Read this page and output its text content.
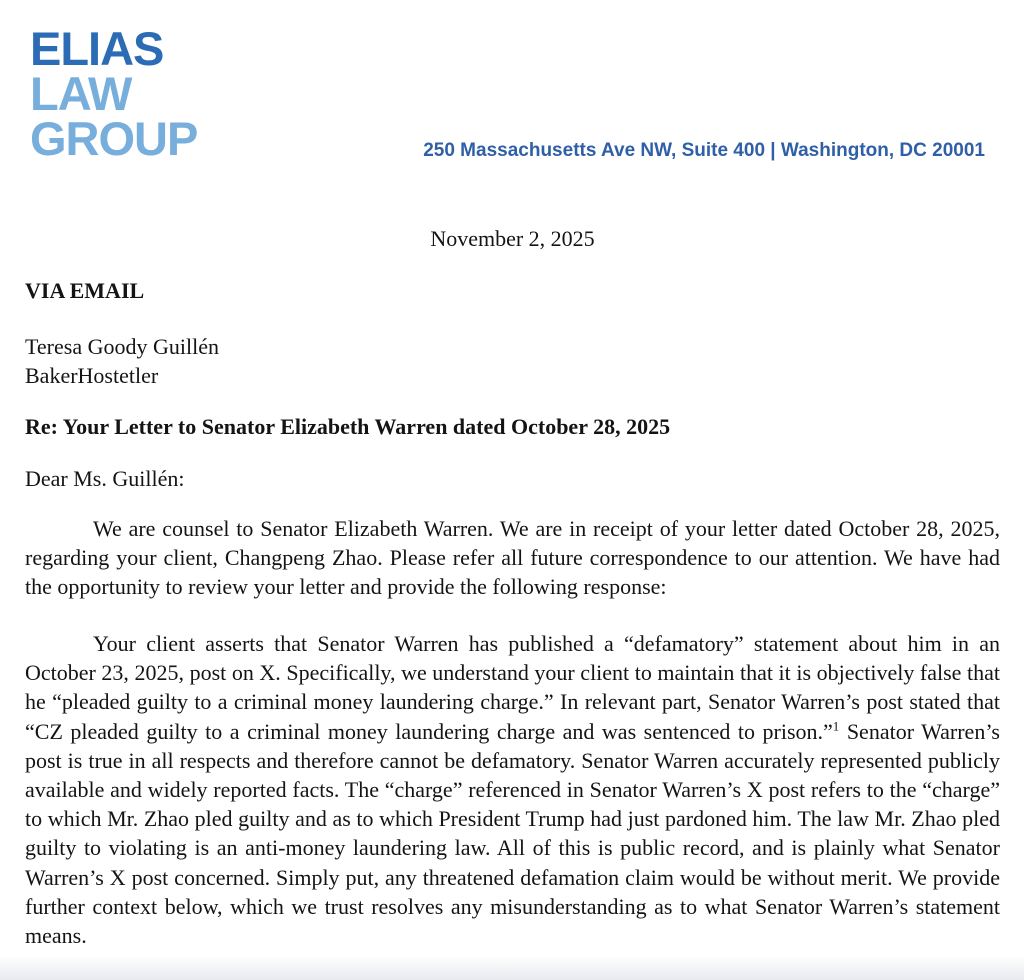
ELIAS
LAW
GROUP	250 Massachusetts Ave NW, Suite 400 | Washington, DC 20001

November 2, 2025

VIA EMAIL

Teresa Goody Guillén

BakerHostetler

Re: Your Letter to Senator Elizabeth Warren dated October 28, 2025

Dear Ms. Guillén:

We are counsel to Senator Elizabeth Warren. We are in receipt of your letter dated October 28, 2025, regarding your client, Changpeng Zhao. Please refer all future correspondence to our attention. We have had the opportunity to review your letter and provide the following response:

Your client asserts that Senator Warren has published a “defamatory” statement about him in an October 23, 2025, post on X. Specifically, we understand your client to maintain that it is objectively false that he “pleaded guilty to a criminal money laundering charge.” In relevant part, Senator Warren’s post stated that “CZ pleaded guilty to a criminal money laundering charge and was sentenced to prison.”$^1$ Senator Warren’s post is true in all respects and therefore cannot be defamatory. Senator Warren accurately represented publicly available and widely reported facts. The “charge” referenced in Senator Warren’s X post refers to the “charge” to which Mr. Zhao pled guilty and as to which President Trump had just pardoned him. The law Mr. Zhao pled guilty to violating is an anti-money laundering law. All of this is public record, and is plainly what Senator Warren’s X post concerned. Simply put, any threatened defamation claim would be without merit. We provide further context below, which we trust resolves any misunderstanding as to what Senator Warren’s statement means.
